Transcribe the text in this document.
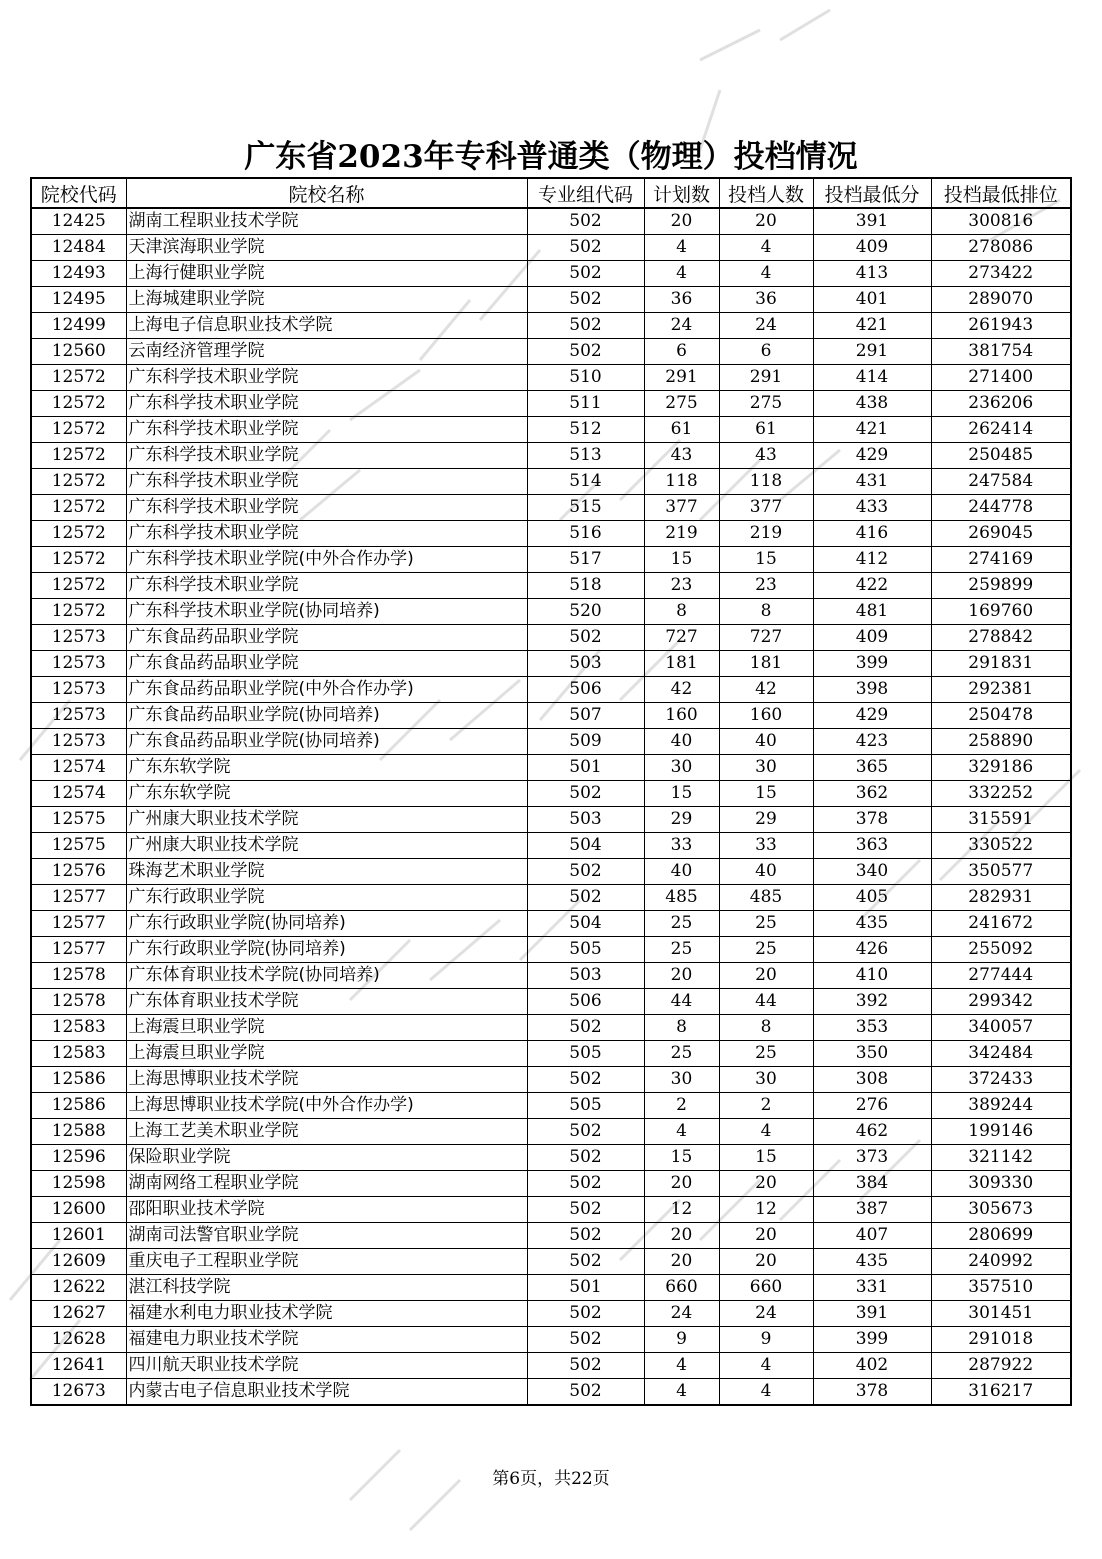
广东省2023年专科普通类（物理）投档情况
院校代码	院校名称	专业组代码	计划数	投档人数	投档最低分	投档最低排位
12425	湖南工程职业技术学院	502	20	20	391	300816
12484	天津滨海职业学院	502	4	4	409	278086
12493	上海行健职业学院	502	4	4	413	273422
12495	上海城建职业学院	502	36	36	401	289070
12499	上海电子信息职业技术学院	502	24	24	421	261943
12560	云南经济管理学院	502	6	6	291	381754
12572	广东科学技术职业学院	510	291	291	414	271400
12572	广东科学技术职业学院	511	275	275	438	236206
12572	广东科学技术职业学院	512	61	61	421	262414
12572	广东科学技术职业学院	513	43	43	429	250485
12572	广东科学技术职业学院	514	118	118	431	247584
12572	广东科学技术职业学院	515	377	377	433	244778
12572	广东科学技术职业学院	516	219	219	416	269045
12572	广东科学技术职业学院(中外合作办学)	517	15	15	412	274169
12572	广东科学技术职业学院	518	23	23	422	259899
12572	广东科学技术职业学院(协同培养)	520	8	8	481	169760
12573	广东食品药品职业学院	502	727	727	409	278842
12573	广东食品药品职业学院	503	181	181	399	291831
12573	广东食品药品职业学院(中外合作办学)	506	42	42	398	292381
12573	广东食品药品职业学院(协同培养)	507	160	160	429	250478
12573	广东食品药品职业学院(协同培养)	509	40	40	423	258890
12574	广东东软学院	501	30	30	365	329186
12574	广东东软学院	502	15	15	362	332252
12575	广州康大职业技术学院	503	29	29	378	315591
12575	广州康大职业技术学院	504	33	33	363	330522
12576	珠海艺术职业学院	502	40	40	340	350577
12577	广东行政职业学院	502	485	485	405	282931
12577	广东行政职业学院(协同培养)	504	25	25	435	241672
12577	广东行政职业学院(协同培养)	505	25	25	426	255092
12578	广东体育职业技术学院(协同培养)	503	20	20	410	277444
12578	广东体育职业技术学院	506	44	44	392	299342
12583	上海震旦职业学院	502	8	8	353	340057
12583	上海震旦职业学院	505	25	25	350	342484
12586	上海思博职业技术学院	502	30	30	308	372433
12586	上海思博职业技术学院(中外合作办学)	505	2	2	276	389244
12588	上海工艺美术职业学院	502	4	4	462	199146
12596	保险职业学院	502	15	15	373	321142
12598	湖南网络工程职业学院	502	20	20	384	309330
12600	邵阳职业技术学院	502	12	12	387	305673
12601	湖南司法警官职业学院	502	20	20	407	280699
12609	重庆电子工程职业学院	502	20	20	435	240992
12622	湛江科技学院	501	660	660	331	357510
12627	福建水利电力职业技术学院	502	24	24	391	301451
12628	福建电力职业技术学院	502	9	9	399	291018
12641	四川航天职业技术学院	502	4	4	402	287922
12673	内蒙古电子信息职业技术学院	502	4	4	378	316217
第6页，共22页
